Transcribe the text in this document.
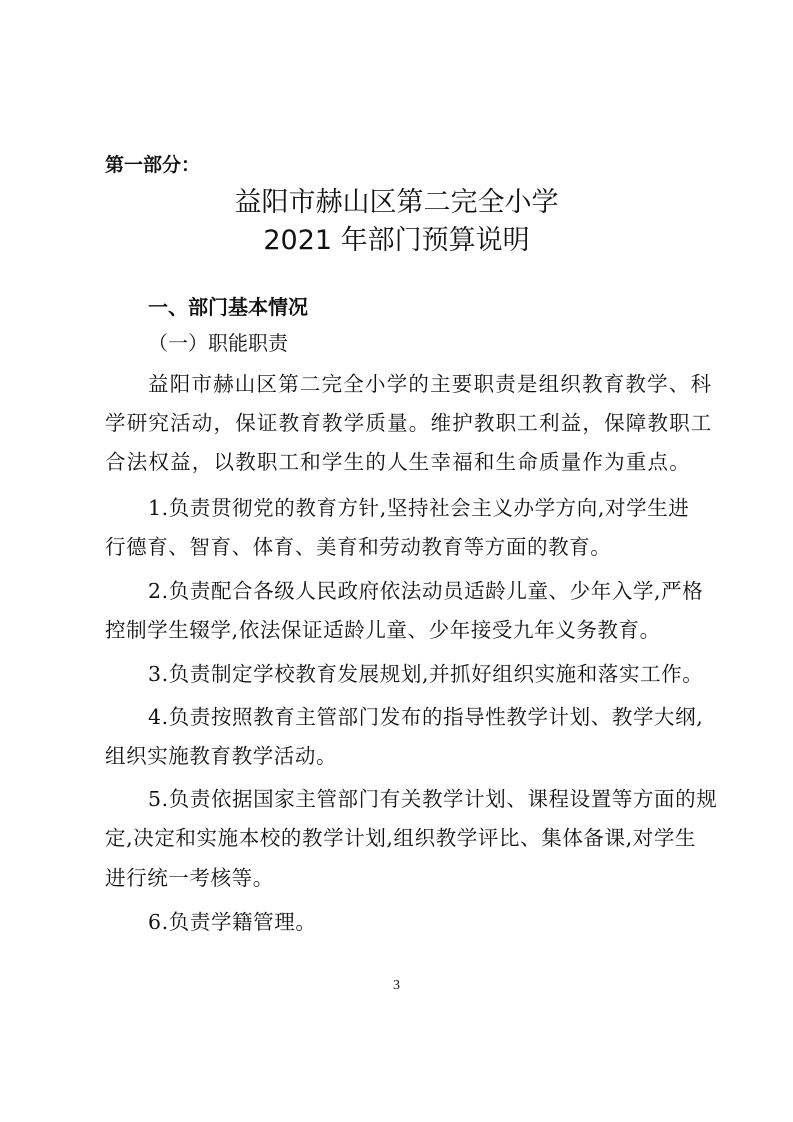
第一部分：
益阳市赫山区第二完全小学
2021 年部门预算说明
一、部门基本情况
（一）职能职责
益阳市赫山区第二完全小学的主要职责是组织教育教学、科
学研究活动，保证教育教学质量。维护教职工利益，保障教职工
合法权益，以教职工和学生的人生幸福和生命质量作为重点。
1.负责贯彻党的教育方针,坚持社会主义办学方向,对学生进
行德育、智育、体育、美育和劳动教育等方面的教育。
2.负责配合各级人民政府依法动员适龄儿童、少年入学,严格
控制学生辍学,依法保证适龄儿童、少年接受九年义务教育。
3.负责制定学校教育发展规划,并抓好组织实施和落实工作。
4.负责按照教育主管部门发布的指导性教学计划、教学大纲,
组织实施教育教学活动。
5.负责依据国家主管部门有关教学计划、课程设置等方面的规
定,决定和实施本校的教学计划,组织教学评比、集体备课,对学生
进行统一考核等。
6.负责学籍管理。
3
